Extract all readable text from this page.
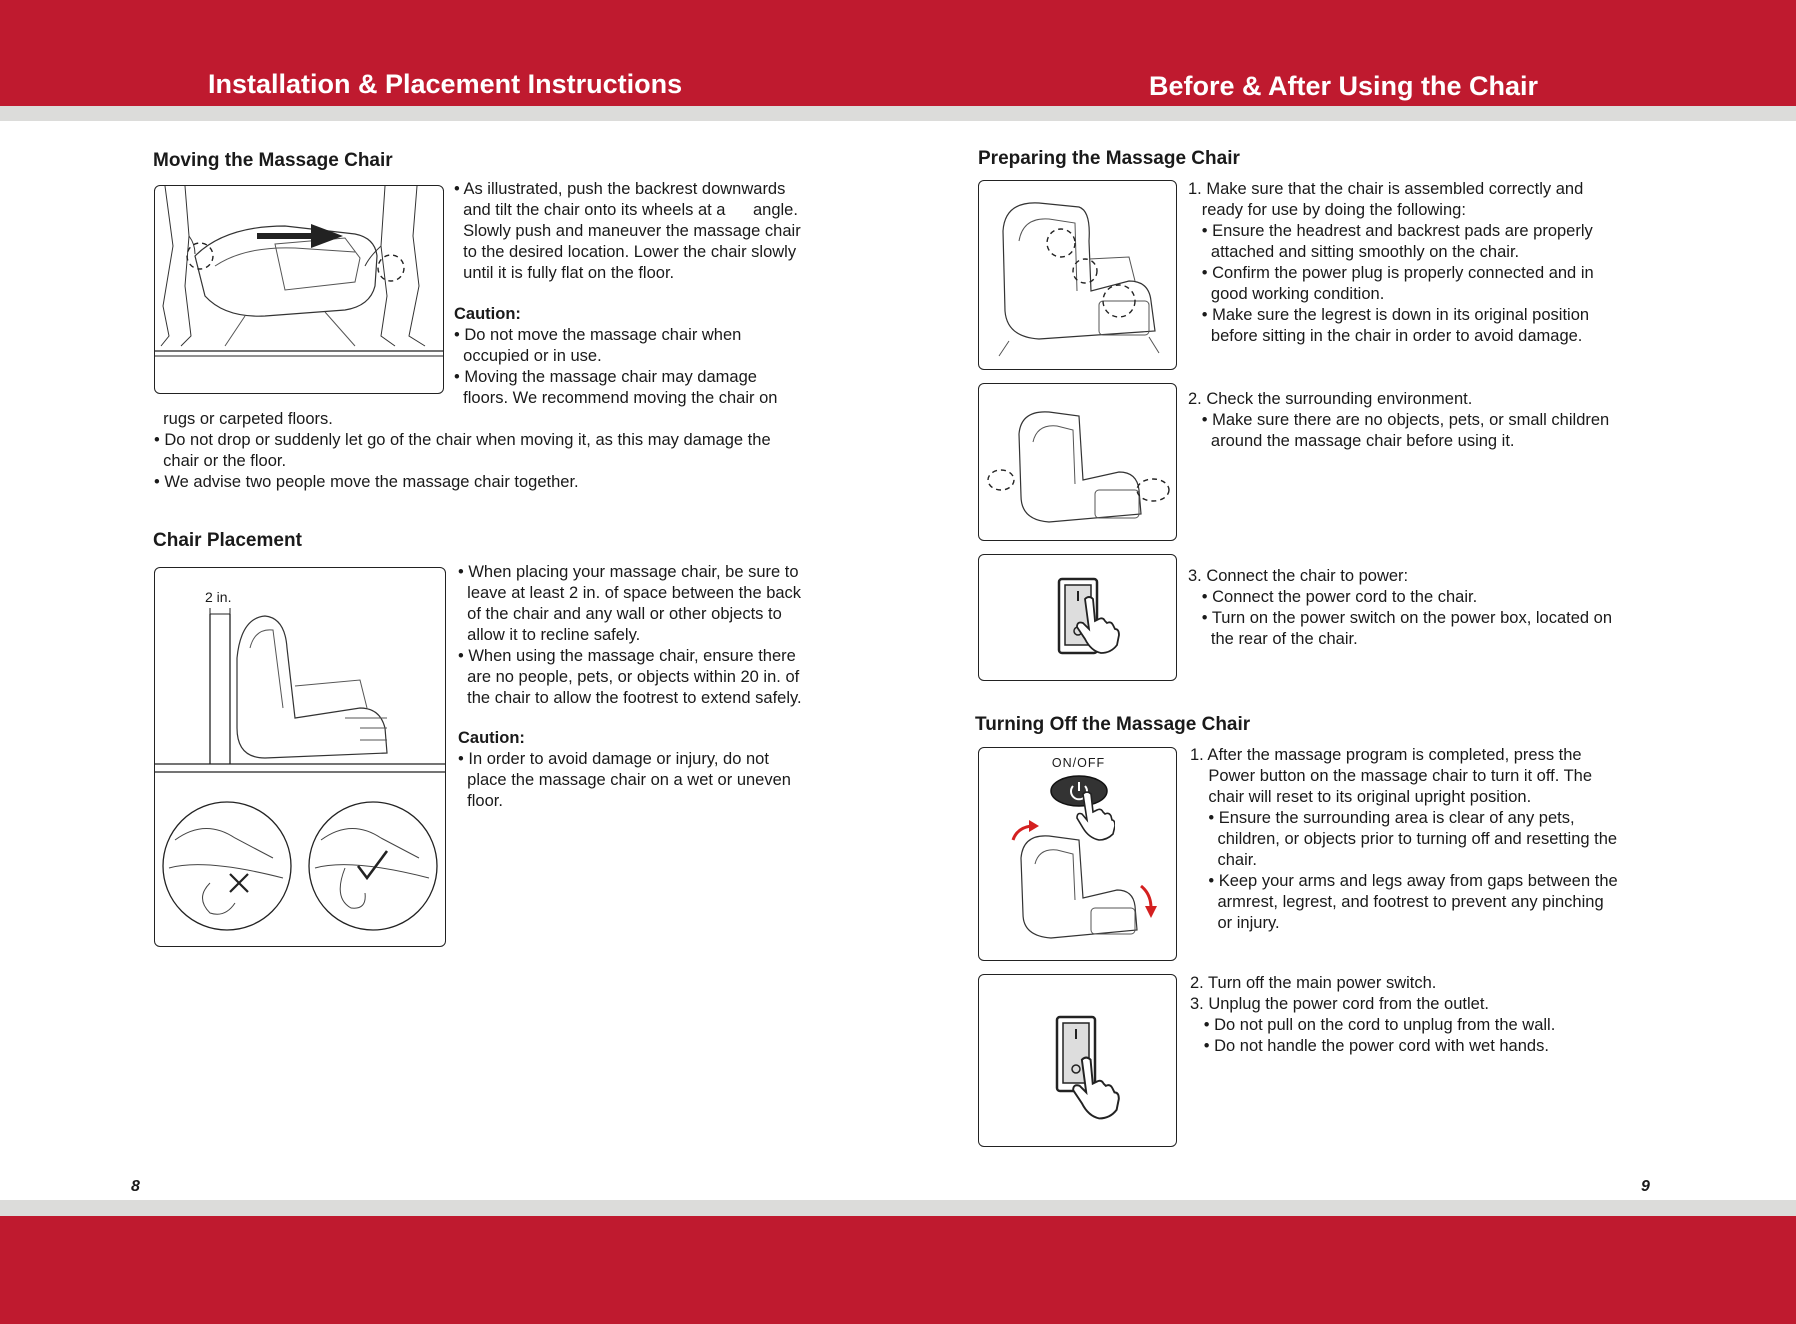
Installation & Placement Instructions	Before & After Using the Chair
Moving the Massage Chair
• As illustrated, push the backrest downwards
and tilt the chair onto its wheels at a      angle.
Slowly push and maneuver the massage chair
to the desired location. Lower the chair slowly
until it is fully flat on the floor.
Caution:
• Do not move the massage chair when
occupied or in use.
• Moving the massage chair may damage
floors. We recommend moving the chair on
rugs or carpeted floors.
• Do not drop or suddenly let go of the chair when moving it, as this may damage the
chair or the floor.
• We advise two people move the massage chair together.
Chair Placement
2 in.
• When placing your massage chair, be sure to
leave at least 2 in. of space between the back
of the chair and any wall or other objects to
allow it to recline safely.
• When using the massage chair, ensure there
are no people, pets, or objects within 20 in. of
the chair to allow the footrest to extend safely.
Caution:
• In order to avoid damage or injury, do not
place the massage chair on a wet or uneven
floor.
8
Preparing the Massage Chair
1. Make sure that the chair is assembled correctly and
ready for use by doing the following:
• Ensure the headrest and backrest pads are properly
attached and sitting smoothly on the chair.
• Confirm the power plug is properly connected and in
good working condition.
• Make sure the legrest is down in its original position
before sitting in the chair in order to avoid damage.
2. Check the surrounding environment.
• Make sure there are no objects, pets, or small children
around the massage chair before using it.
3. Connect the chair to power:
• Connect the power cord to the chair.
• Turn on the power switch on the power box, located on
the rear of the chair.
Turning Off the Massage Chair
ON/OFF	1. After the massage program is completed, press the
Power button on the massage chair to turn it off. The
chair will reset to its original upright position.
• Ensure the surrounding area is clear of any pets,
children, or objects prior to turning off and resetting the
chair.
• Keep your arms and legs away from gaps between the
armrest, legrest, and footrest to prevent any pinching
or injury.
2. Turn off the main power switch.
3. Unplug the power cord from the outlet.
• Do not pull on the cord to unplug from the wall.
• Do not handle the power cord with wet hands.
9
